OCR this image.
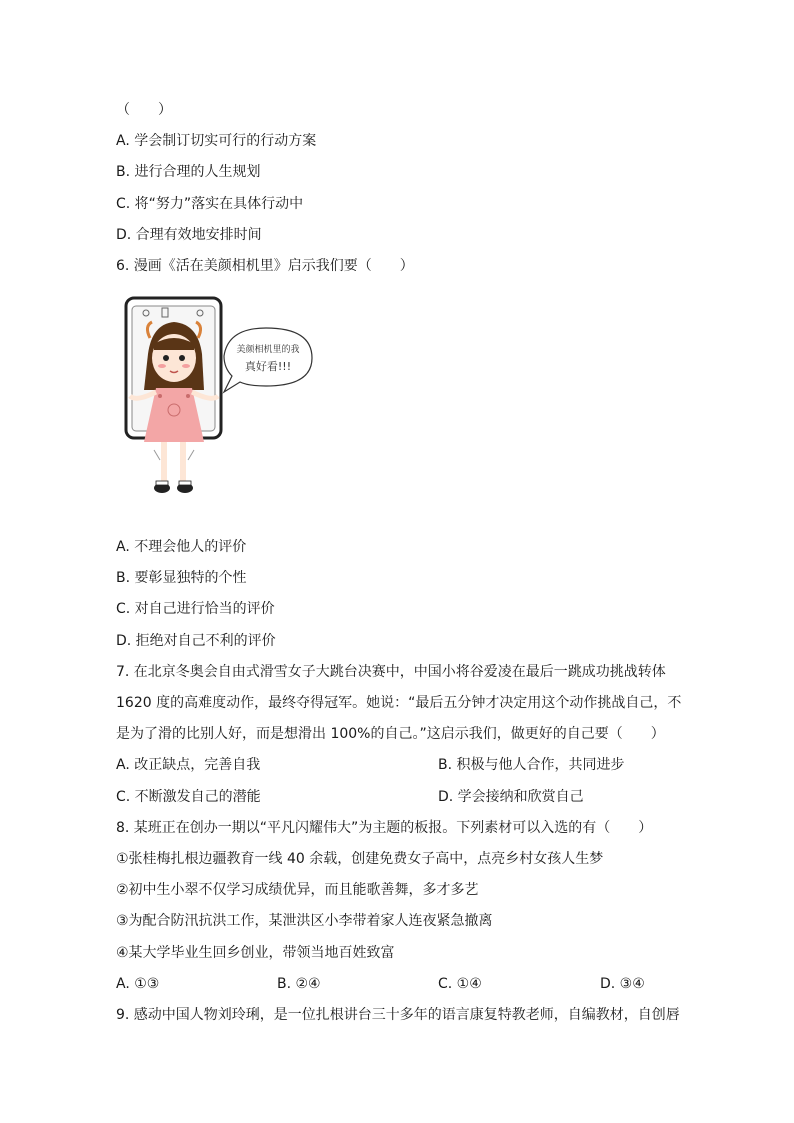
（　　）
A. 学会制订切实可行的行动方案
B. 进行合理的人生规划
C. 将“努力”落实在具体行动中
D. 合理有效地安排时间
6. 漫画《活在美颜相机里》启示我们要（　　）
美颜相机里的我
真好看!!!
A. 不理会他人的评价
B. 要彰显独特的个性
C. 对自己进行恰当的评价
D. 拒绝对自己不利的评价
7. 在北京冬奥会自由式滑雪女子大跳台决赛中，中国小将谷爱凌在最后一跳成功挑战转体
1620 度的高难度动作，最终夺得冠军。她说：“最后五分钟才决定用这个动作挑战自己，不
是为了滑的比别人好，而是想滑出 100%的自己。”这启示我们，做更好的自己要（　　）
A. 改正缺点，完善自我	B. 积极与他人合作，共同进步
C. 不断激发自己的潜能	D. 学会接纳和欣赏自己
8. 某班正在创办一期以“平凡闪耀伟大”为主题的板报。下列素材可以入选的有（　　）
①张桂梅扎根边疆教育一线 40 余载，创建免费女子高中，点亮乡村女孩人生梦
②初中生小翠不仅学习成绩优异，而且能歌善舞，多才多艺
③为配合防汛抗洪工作，某泄洪区小李带着家人连夜紧急撤离
④某大学毕业生回乡创业，带领当地百姓致富
A. ①③	B. ②④	C. ①④	D. ③④
9. 感动中国人物刘玲琍，是一位扎根讲台三十多年的语言康复特教老师，自编教材，自创唇
